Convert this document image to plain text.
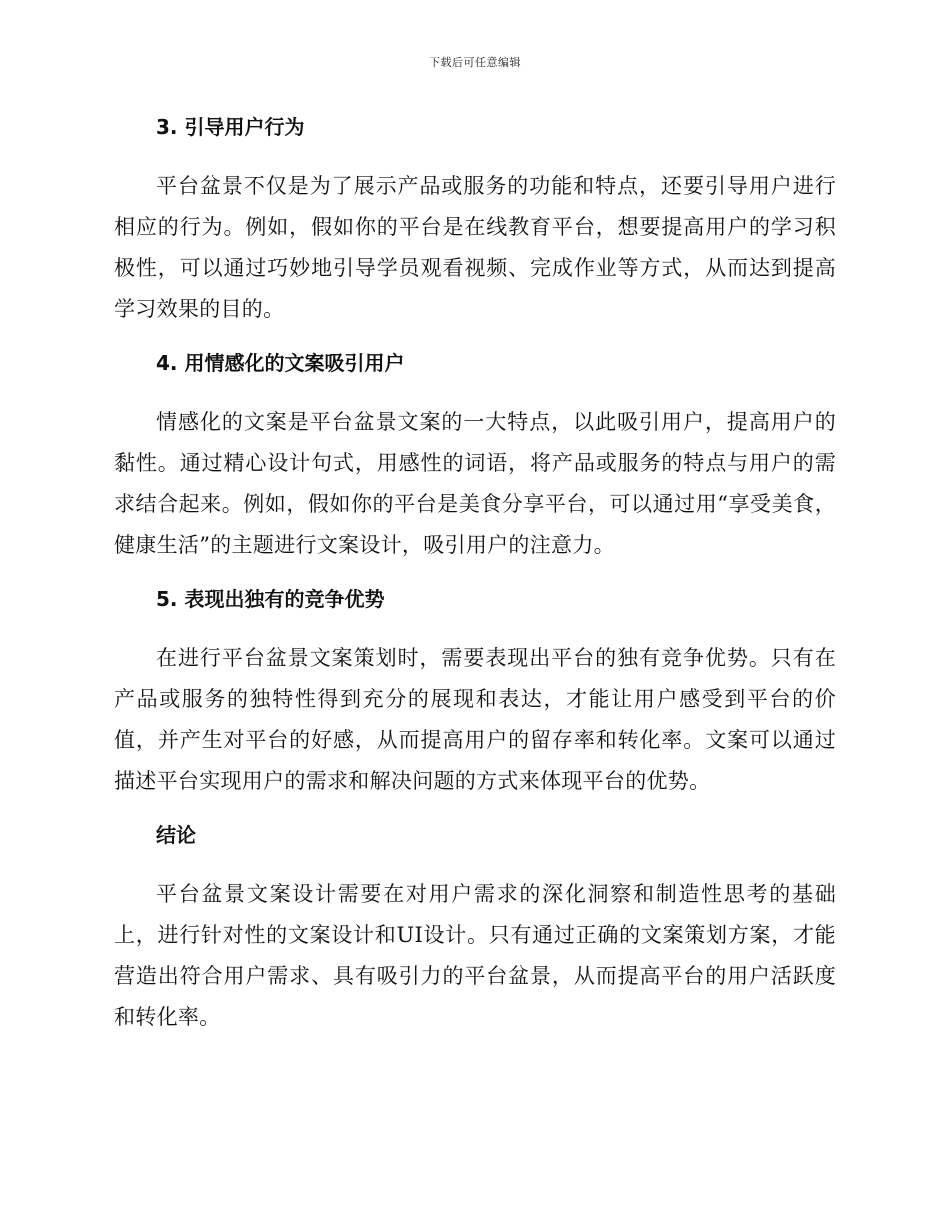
下载后可任意编辑
3. 引导用户行为

平台盆景不仅是为了展示产品或服务的功能和特点，还要引导用户进行相应的行为。例如，假如你的平台是在线教育平台，想要提高用户的学习积极性，可以通过巧妙地引导学员观看视频、完成作业等方式，从而达到提高学习效果的目的。

4. 用情感化的文案吸引用户

情感化的文案是平台盆景文案的一大特点，以此吸引用户，提高用户的黏性。通过精心设计句式，用感性的词语，将产品或服务的特点与用户的需求结合起来。例如，假如你的平台是美食分享平台，可以通过用“享受美食，健康生活”的主题进行文案设计，吸引用户的注意力。

5. 表现出独有的竞争优势

在进行平台盆景文案策划时，需要表现出平台的独有竞争优势。只有在产品或服务的独特性得到充分的展现和表达，才能让用户感受到平台的价值，并产生对平台的好感，从而提高用户的留存率和转化率。文案可以通过描述平台实现用户的需求和解决问题的方式来体现平台的优势。

结论

平台盆景文案设计需要在对用户需求的深化洞察和制造性思考的基础上，进行针对性的文案设计和UI设计。只有通过正确的文案策划方案，才能营造出符合用户需求、具有吸引力的平台盆景，从而提高平台的用户活跃度和转化率。
